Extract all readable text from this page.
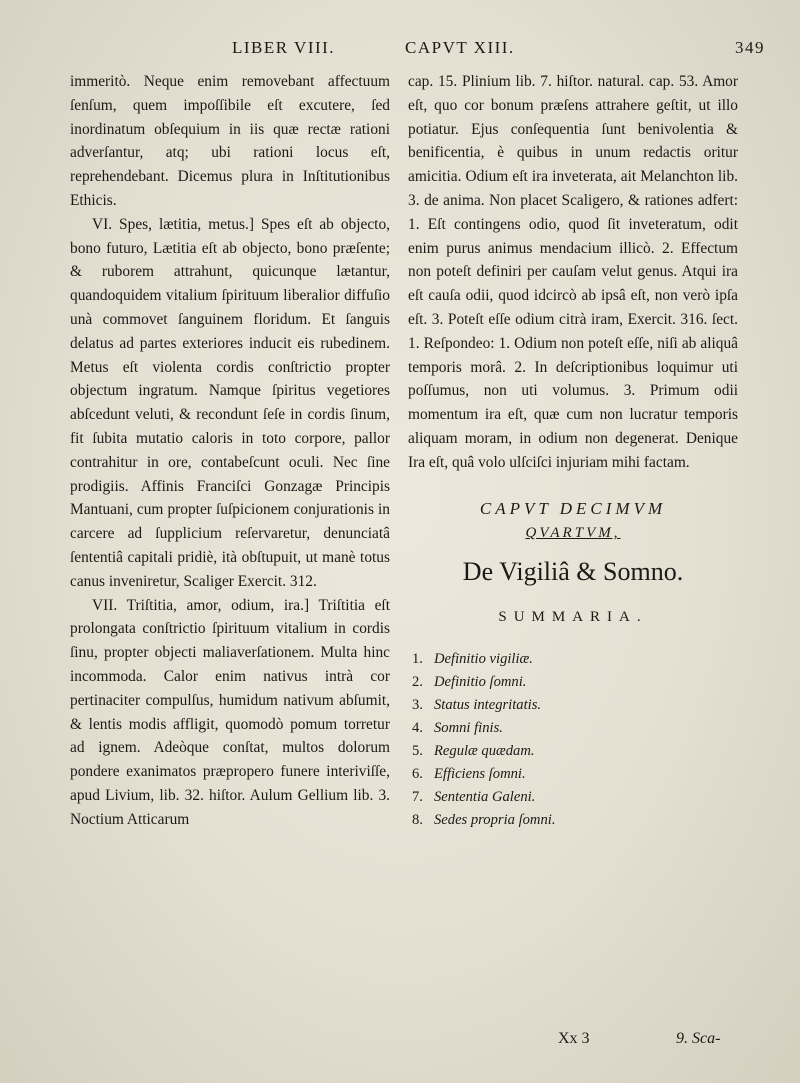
LIBER VIII.	CAPVT XIII.	349

immeritò. Neque enim removebant affectuum ſenſum, quem impoſſibile eſt excutere, ſed inordinatum obſequium in iis quæ rectæ rationi adverſantur, atq; ubi rationi locus eſt, reprehendebant. Dicemus plura in Inſtitutionibus Ethicis.

VI. Spes, lætitia, metus.] Spes eſt ab objecto, bono futuro, Lætitia eſt ab objecto, bono præſente; & ruborem attrahunt, quicunque lætantur, quandoquidem vitalium ſpirituum liberalior diffuſio unà commovet ſanguinem floridum. Et ſanguis delatus ad partes exteriores inducit eis rubedinem. Metus eſt violenta cordis conſtrictio propter objectum ingratum. Namque ſpiritus vegetiores abſcedunt veluti, & recondunt ſeſe in cordis ſinum, fit ſubita mutatio caloris in toto corpore, pallor contrahitur in ore, contabeſcunt oculi. Nec ſine prodigiis. Affinis Franciſci Gonzagæ Principis Mantuani, cum propter ſuſpicionem conjurationis in carcere ad ſupplicium reſervaretur, denunciatâ ſententiâ capitali pridiè, ità obſtupuit, ut manè totus canus inveniretur, Scaliger Exercit. 312.

VII. Triſtitia, amor, odium, ira.] Triſtitia eſt prolongata conſtrictio ſpirituum vitalium in cordis ſinu, propter objecti maliaverſationem. Multa hinc incommoda. Calor enim nativus intrà cor pertinaciter compulſus, humidum nativum abſumit, & lentis modis affligit, quomodò pomum torretur ad ignem. Adeòque conſtat, multos dolorum pondere exanimatos præpropero funere interiviſſe, apud Livium, lib. 32. hiſtor. Aulum Gellium lib. 3. Noctium Atticarum

cap. 15. Plinium lib. 7. hiſtor. natural. cap. 53. Amor eſt, quo cor bonum præſens attrahere geſtit, ut illo potiatur. Ejus conſequentia ſunt benivolentia & benificentia, è quibus in unum redactis oritur amicitia. Odium eſt ira inveterata, ait Melanchton lib. 3. de anima. Non placet Scaligero, & rationes adfert: 1. Eſt contingens odio, quod ſit inveteratum, odit enim purus animus mendacium illicò. 2. Effectum non poteſt definiri per cauſam velut genus. Atqui ira eſt cauſa odii, quod idcircò ab ipsâ eſt, non verò ipſa eſt. 3. Poteſt eſſe odium citrà iram, Exercit. 316. ſect. 1. Reſpondeo: 1. Odium non poteſt eſſe, niſi ab aliquâ temporis morâ. 2. In deſcriptionibus loquimur uti poſſumus, non uti volumus. 3. Primum odii momentum ira eſt, quæ cum non lucratur temporis aliquam moram, in odium non degenerat. Denique Ira eſt, quâ volo ulſciſci injuriam mihi factam.

CAPVT DECIMVM
QVARTVM,
De Vigiliâ & Somno.
SUMMARIA.
1. Definitio vigiliæ.
2. Definitio ſomni.
3. Status integritatis.
4. Somni finis.
5. Regulæ quædam.
6. Efficiens ſomni.
7. Sententia Galeni.
8. Sedes propria ſomni.
Xx 3	9. Sca-
